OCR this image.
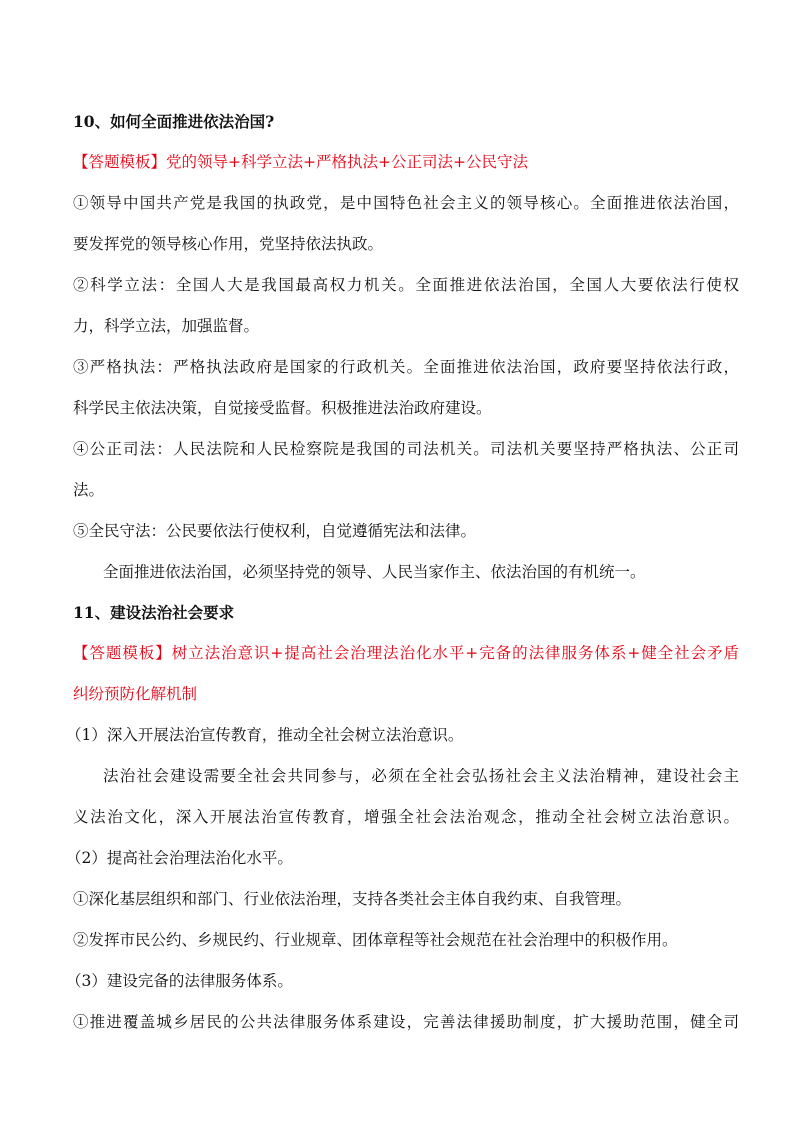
10、如何全面推进依法治国?
【答题模板】党的领导+科学立法+严格执法+公正司法+公民守法
①领导中国共产党是我国的执政党，是中国特色社会主义的领导核心。全面推进依法治国，
要发挥党的领导核心作用，党坚持依法执政。
②科学立法：全国人大是我国最高权力机关。全面推进依法治国，全国人大要依法行使权
力，科学立法，加强监督。
③严格执法：严格执法政府是国家的行政机关。全面推进依法治国，政府要坚持依法行政，
科学民主依法决策，自觉接受监督。积极推进法治政府建设。
④公正司法：人民法院和人民检察院是我国的司法机关。司法机关要坚持严格执法、公正司
法。
⑤全民守法：公民要依法行使权利，自觉遵循宪法和法律。
全面推进依法治国，必须坚持党的领导、人民当家作主、依法治国的有机统一。
11、建设法治社会要求
【答题模板】树立法治意识+提高社会治理法治化水平+完备的法律服务体系+健全社会矛盾
纠纷预防化解机制
（1）深入开展法治宣传教育，推动全社会树立法治意识。
法治社会建设需要全社会共同参与，必须在全社会弘扬社会主义法治精神，建设社会主
义法治文化，深入开展法治宣传教育，增强全社会法治观念，推动全社会树立法治意识。
（2）提高社会治理法治化水平。
①深化基层组织和部门、行业依法治理，支持各类社会主体自我约束、自我管理。
②发挥市民公约、乡规民约、行业规章、团体章程等社会规范在社会治理中的积极作用。
（3）建设完备的法律服务体系。
①推进覆盖城乡居民的公共法律服务体系建设，完善法律援助制度，扩大援助范围，健全司
